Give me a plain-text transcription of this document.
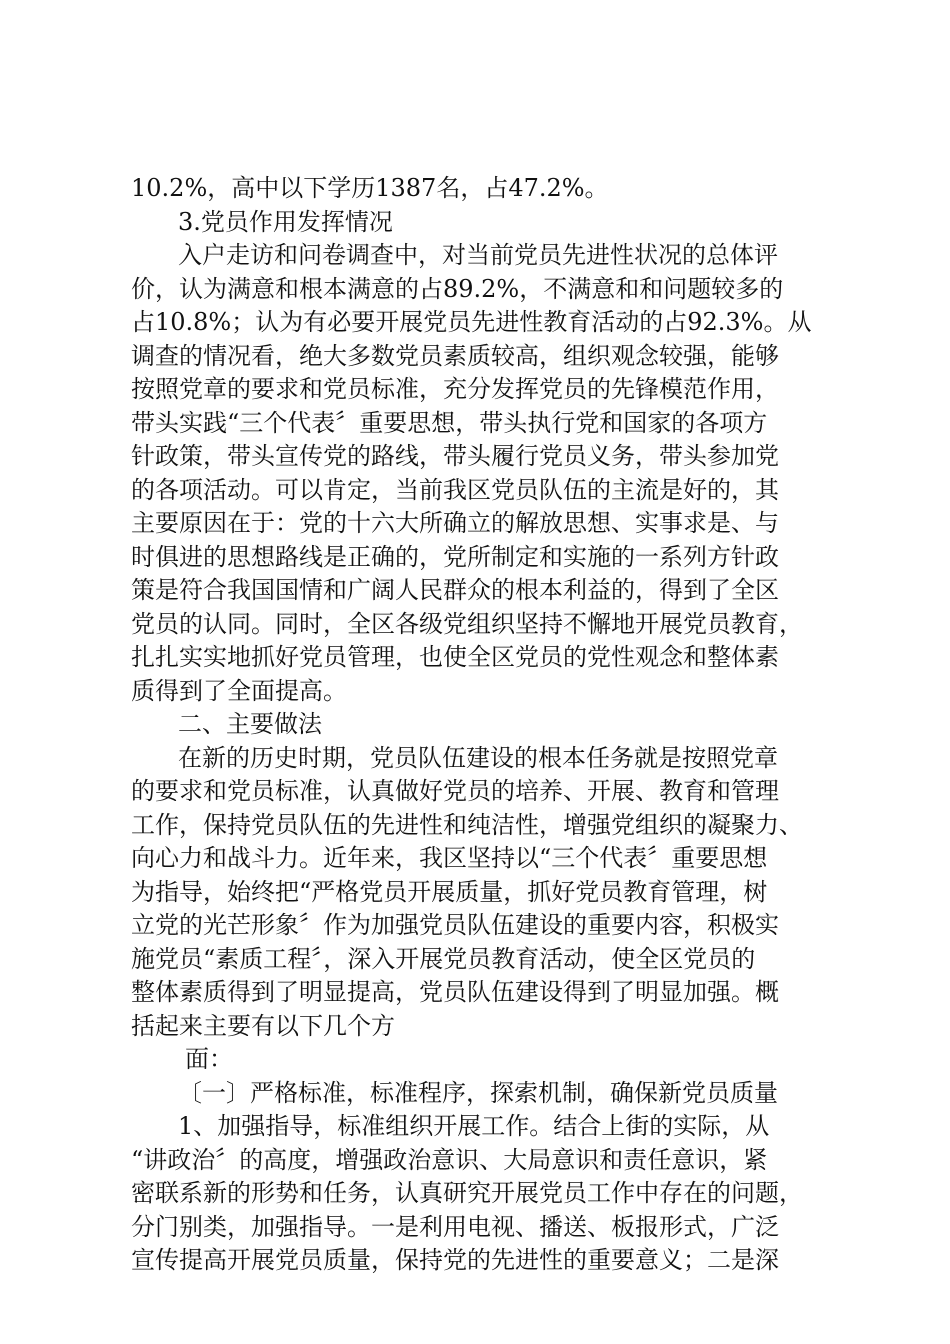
10.2%，高中以下学历1387名，占47.2%。
3.党员作用发挥情况
入户走访和问卷调查中，对当前党员先进性状况的总体评
价，认为满意和根本满意的占89.2%，不满意和和问题较多的
占10.8%；认为有必要开展党员先进性教育活动的占92.3%。从
调查的情况看，绝大多数党员素质较高，组织观念较强，能够
按照党章的要求和党员标准，充分发挥党员的先锋模范作用，
带头实践“三个代表〞重要思想，带头执行党和国家的各项方
针政策，带头宣传党的路线，带头履行党员义务，带头参加党
的各项活动。可以肯定，当前我区党员队伍的主流是好的，其
主要原因在于：党的十六大所确立的解放思想、实事求是、与
时俱进的思想路线是正确的，党所制定和实施的一系列方针政
策是符合我国国情和广阔人民群众的根本利益的，得到了全区
党员的认同。同时，全区各级党组织坚持不懈地开展党员教育，
扎扎实实地抓好党员管理，也使全区党员的党性观念和整体素
质得到了全面提高。
二、主要做法
在新的历史时期，党员队伍建设的根本任务就是按照党章
的要求和党员标准，认真做好党员的培养、开展、教育和管理
工作，保持党员队伍的先进性和纯洁性，增强党组织的凝聚力、
向心力和战斗力。近年来，我区坚持以“三个代表〞重要思想
为指导，始终把“严格党员开展质量，抓好党员教育管理，树
立党的光芒形象〞作为加强党员队伍建设的重要内容，积极实
施党员“素质工程〞，深入开展党员教育活动，使全区党员的
整体素质得到了明显提高，党员队伍建设得到了明显加强。概
括起来主要有以下几个方
面：
〔一〕严格标准，标准程序，探索机制，确保新党员质量
1、加强指导，标准组织开展工作。结合上街的实际，从
“讲政治〞的高度，增强政治意识、大局意识和责任意识，紧
密联系新的形势和任务，认真研究开展党员工作中存在的问题，
分门别类，加强指导。一是利用电视、播送、板报形式，广泛
宣传提高开展党员质量，保持党的先进性的重要意义；二是深
